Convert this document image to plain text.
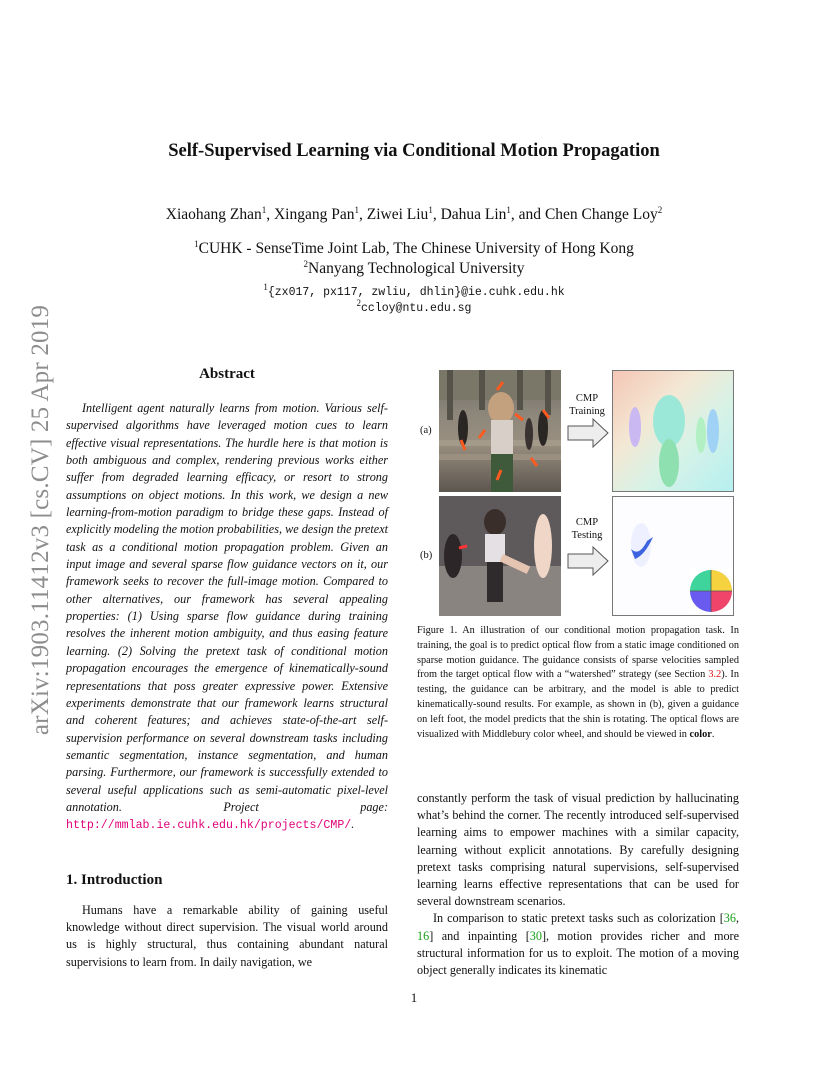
arXiv:1903.11412v3 [cs.CV] 25 Apr 2019
Self-Supervised Learning via Conditional Motion Propagation
Xiaohang Zhan$^1$, Xingang Pan$^1$, Ziwei Liu$^1$, Dahua Lin$^1$, and Chen Change Loy$^2$
$^1$CUHK - SenseTime Joint Lab, The Chinese University of Hong Kong
$^2$Nanyang Technological University
$^1${zx017, px117, zwliu, dhlin}@ie.cuhk.edu.hk
$^2$ccloy@ntu.edu.sg
Abstract
Intelligent agent naturally learns from motion. Various self-supervised algorithms have leveraged motion cues to learn effective visual representations. The hurdle here is that motion is both ambiguous and complex, rendering previous works either suffer from degraded learning efficacy, or resort to strong assumptions on object motions. In this work, we design a new learning-from-motion paradigm to bridge these gaps. Instead of explicitly modeling the motion probabilities, we design the pretext task as a conditional motion propagation problem. Given an input image and several sparse flow guidance vectors on it, our framework seeks to recover the full-image motion. Compared to other alternatives, our framework has several appealing properties: (1) Using sparse flow guidance during training resolves the inherent motion ambiguity, and thus easing feature learning. (2) Solving the pretext task of conditional motion propagation encourages the emergence of kinematically-sound representations that poss greater expressive power. Extensive experiments demonstrate that our framework learns structural and coherent features; and achieves state-of-the-art self-supervision performance on several downstream tasks including semantic segmentation, instance segmentation, and human parsing. Furthermore, our framework is successfully extended to several useful applications such as semi-automatic pixel-level annotation. Project page: http://mmlab.ie.cuhk.edu.hk/projects/CMP/.
1. Introduction
Humans have a remarkable ability of gaining useful knowledge without direct supervision. The visual world around us is highly structural, thus containing abundant natural supervisions to learn from. In daily navigation, we
(a)
(b)
CMP
Training
CMP
Testing
Figure 1. An illustration of our conditional motion propagation task. In training, the goal is to predict optical flow from a static image conditioned on sparse motion guidance. The guidance consists of sparse velocities sampled from the target optical flow with a “watershed” strategy (see Section 3.2). In testing, the guidance can be arbitrary, and the model is able to predict kinematically-sound results. For example, as shown in (b), given a guidance on left foot, the model predicts that the shin is rotating. The optical flows are visualized with Middlebury color wheel, and should be viewed in color.
constantly perform the task of visual prediction by hallucinating what’s behind the corner. The recently introduced self-supervised learning aims to empower machines with a similar capacity, learning without explicit annotations. By carefully designing pretext tasks comprising natural supervisions, self-supervised learning learns effective representations that can be used for several downstream scenarios.
In comparison to static pretext tasks such as colorization [36, 16] and inpainting [30], motion provides richer and more structural information for us to exploit. The motion of a moving object generally indicates its kinematic
1
